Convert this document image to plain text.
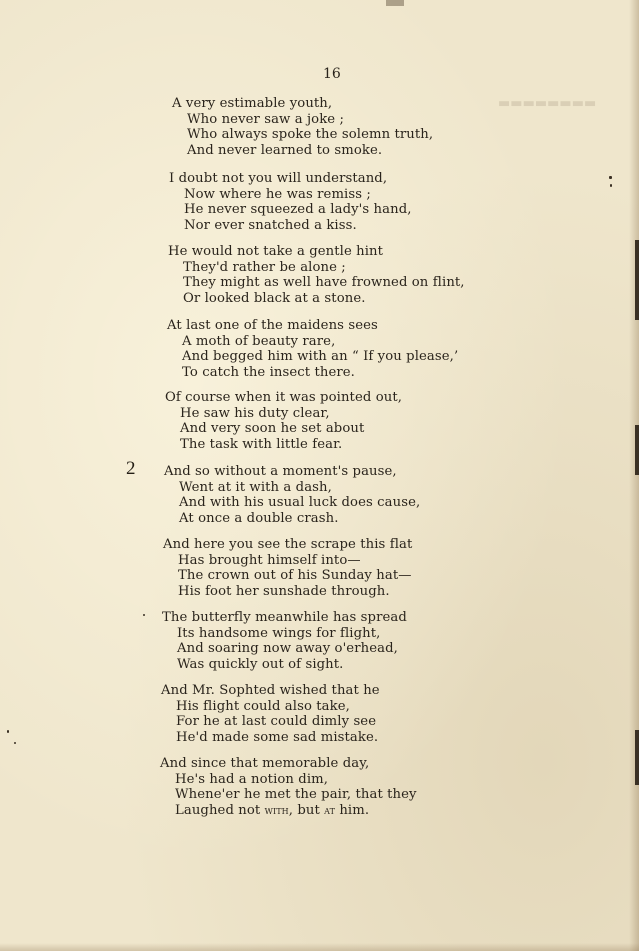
▬▬▬▬▬▬▬▬
16
2
A very estimable youth,
Who never saw a joke ;
Who always spoke the solemn truth,
And never learned to smoke.
I doubt not you will understand,
Now where he was remiss ;
He never squeezed a lady's hand,
Nor ever snatched a kiss.
He would not take a gentle hint
They'd rather be alone ;
They might as well have frowned on flint,
Or looked black at a stone.
At last one of the maidens sees
A moth of beauty rare,
And begged him with an “ If you please,’
To catch the insect there.
Of course when it was pointed out,
He saw his duty clear,
And very soon he set about
The task with little fear.
And so without a moment's pause,
Went at it with a dash,
And with his usual luck does cause,
At once a double crash.
And here you see the scrape this flat
Has brought himself into—
The crown out of his Sunday hat—
His foot her sunshade through.
The butterfly meanwhile has spread
Its handsome wings for flight,
And soaring now away o'erhead,
Was quickly out of sight.
And Mr. Sophted wished that he
His flight could also take,
For he at last could dimly see
He'd made some sad mistake.
And since that memorable day,
He's had a notion dim,
Whene'er he met the pair, that they
Laughed not with, but at him.
